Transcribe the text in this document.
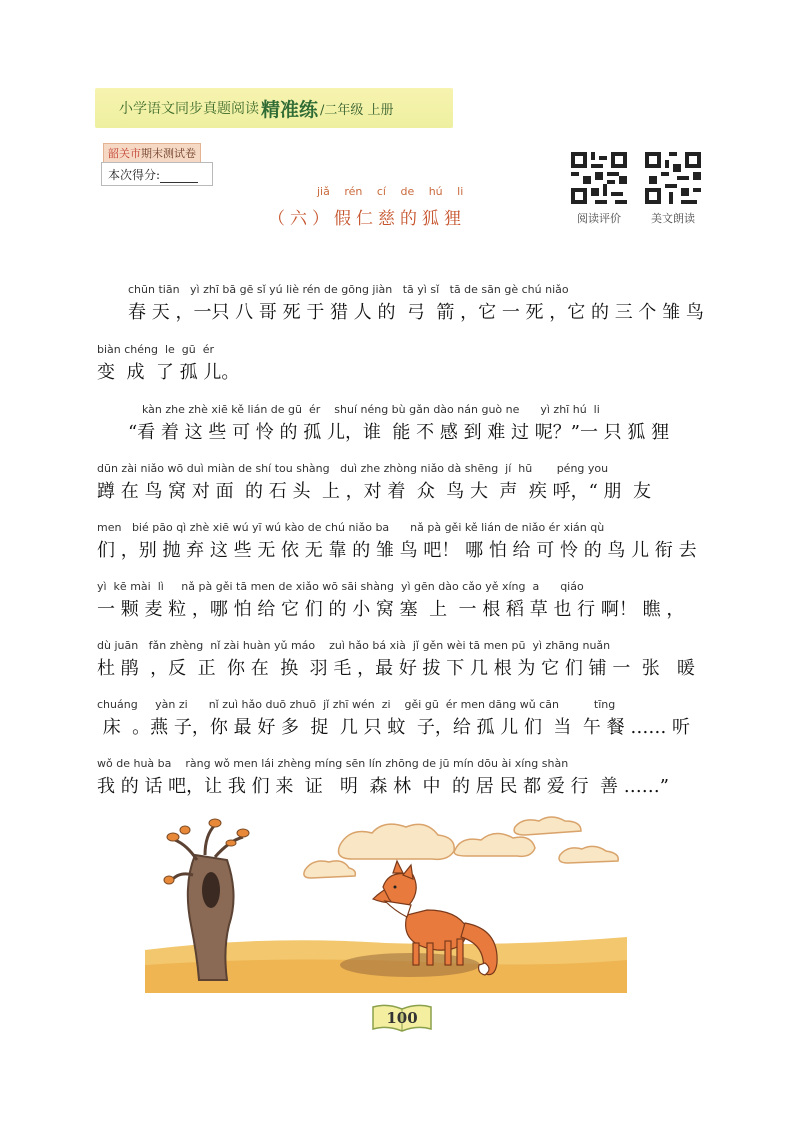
小学语文同步真题阅读 精准练 /二年级 上册
韶关市期末测试卷
本次得分:
阅读评价	美文朗读
jiǎ rén cí de hú li
（六）假仁慈的狐狸
chūn tiān   yì zhī bā gē sǐ yú liè rén de gōng jiàn   tā yì sǐ   tā de sān gè chú niǎo
春 天 ，一只 八 哥 死 于 猎 人 的  弓  箭 ，它 一 死 ，它 的 三 个 雏 鸟
biàn chéng  le  gū  ér
变  成  了 孤 儿。
kàn zhe zhè xiē kě lián de gū  ér    shuí néng bù gǎn dào nán guò ne      yì zhī hú  li
“看 着 这 些 可 怜 的 孤 儿，谁  能 不 感 到 难 过 呢？”一 只 狐 狸
dūn zài niǎo wō duì miàn de shí tou shàng   duì zhe zhòng niǎo dà shēng  jí  hū       péng you
蹲 在 鸟 窝 对 面  的 石 头  上 ，对 着  众  鸟 大  声  疾 呼，“ 朋  友
men   bié pāo qì zhè xiē wú yī wú kào de chú niǎo ba      nǎ pà gěi kě lián de niǎo ér xián qù
们 ，别 抛 弃 这 些 无 依 无 靠 的 雏 鸟 吧！ 哪 怕 给 可 怜 的 鸟 儿 衔 去
yì  kē mài  lì     nǎ pà gěi tā men de xiǎo wō sāi shàng  yì gēn dào cǎo yě xíng  a      qiáo
一 颗 麦 粒 ，哪 怕 给 它 们 的 小 窝 塞  上  一 根 稻 草 也 行 啊！ 瞧 ，
dù juān   fǎn zhèng  nǐ zài huàn yǔ máo    zuì hǎo bá xià  jǐ gěn wèi tā men pū  yì zhāng nuǎn
杜 鹃  ，反  正  你 在  换  羽 毛 ，最 好 拔 下 几 根 为 它 们 铺 一  张   暖
chuáng     yàn zi      nǐ zuì hǎo duō zhuō  jǐ zhī wén  zi    gěi gū  ér men dāng wǔ cān          tīng
床  。燕 子，你 最 好 多  捉  几 只 蚊  子，给 孤 儿 们  当  午 餐 …… 听
wǒ de huà ba    ràng wǒ men lái zhèng míng sēn lín zhōng de jū mín dōu ài xíng shàn
我 的 话 吧，让 我 们 来  证   明  森 林  中  的 居 民 都 爱 行  善 ……”
100
